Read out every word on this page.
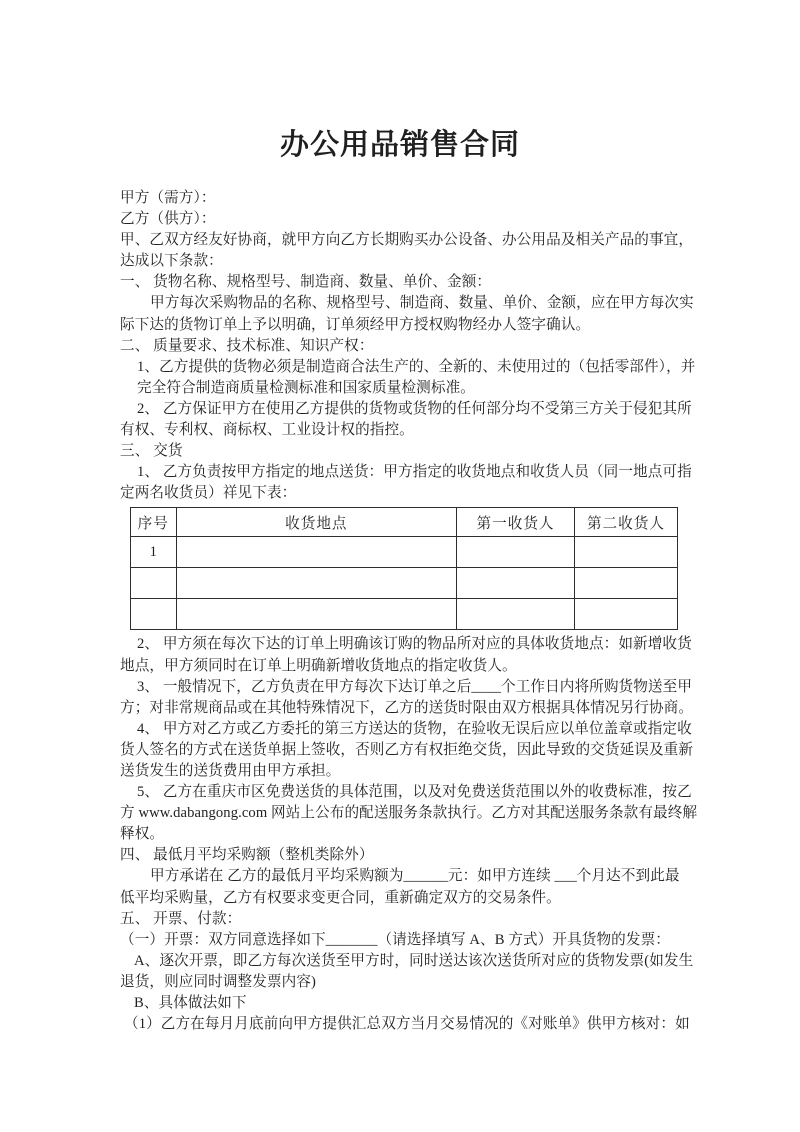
办公用品销售合同
甲方（需方）：
乙方（供方）：
甲、乙双方经友好协商，就甲方向乙方长期购买办公设备、办公用品及相关产品的事宜，
达成以下条款：
一、 货物名称、规格型号、制造商、数量、单价、金额：
甲方每次采购物品的名称、规格型号、制造商、数量、单价、金额，应在甲方每次实
际下达的货物订单上予以明确，订单须经甲方授权购物经办人签字确认。
二、 质量要求、技术标准、知识产权：
1、乙方提供的货物必须是制造商合法生产的、全新的、未使用过的（包括零部件），并
完全符合制造商质量检测标准和国家质量检测标准。
2、 乙方保证甲方在使用乙方提供的货物或货物的任何部分均不受第三方关于侵犯其所
有权、专利权、商标权、工业设计权的指控。
三、 交货
1、 乙方负责按甲方指定的地点送货：甲方指定的收货地点和收货人员（同一地点可指
定两名收货员）祥见下表：
序号	收货地点	第一收货人	第二收货人
1			

2、 甲方须在每次下达的订单上明确该订购的物品所对应的具体收货地点：如新增收货
地点，甲方须同时在订单上明确新增收货地点的指定收货人。
3、 一般情况下，乙方负责在甲方每次下达订单之后____个工作日内将所购货物送至甲
方；对非常规商品或在其他特殊情况下，乙方的送货时限由双方根据具体情况另行协商。
4、 甲方对乙方或乙方委托的第三方送达的货物，在验收无误后应以单位盖章或指定收
货人签名的方式在送货单据上签收，否则乙方有权拒绝交货，因此导致的交货延误及重新
送货发生的送货费用由甲方承担。
5、 乙方在重庆市区免费送货的具体范围，以及对免费送货范围以外的收费标准，按乙
方 www.dabangong.com 网站上公布的配送服务条款执行。乙方对其配送服务条款有最终解
释权。
四、 最低月平均采购额（整机类除外）
甲方承诺在 乙方的最低月平均采购额为______元：如甲方连续 ___个月达不到此最
低平均采购量，乙方有权要求变更合同，重新确定双方的交易条件。
五、 开票、付款：
（一）开票：双方同意选择如下_______（请选择填写 A、B 方式）开具货物的发票：
A、逐次开票，即乙方每次送货至甲方时，同时送达该次送货所对应的货物发票(如发生
退货，则应同时调整发票内容)
B、具体做法如下
（1）乙方在每月月底前向甲方提供汇总双方当月交易情况的《对账单》供甲方核对：如
